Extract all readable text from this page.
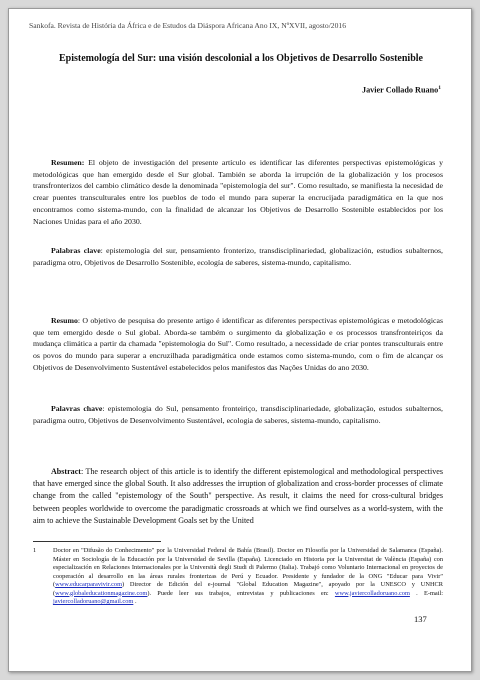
Sankofa. Revista de História da África e de Estudos da Diáspora Africana Ano IX, NºXVII, agosto/2016
Epistemología del Sur: una visión descolonial a los Objetivos de Desarrollo Sostenible
Javier Collado Ruano$^1$

Resumen: El objeto de investigación del presente artículo es identificar las diferentes perspectivas epistemológicas y metodológicas que han emergido desde el Sur global. También se aborda la irrupción de la globalización y los procesos transfronterizos del cambio climático desde la denominada "epistemología del sur". Como resultado, se manifiesta la necesidad de crear puentes transculturales entre los pueblos de todo el mundo para superar la encrucijada paradigmática en la que nos encontramos como sistema-mundo, con la finalidad de alcanzar los Objetivos de Desarrollo Sostenible establecidos por los Naciones Unidas para el año 2030.

Palabras clave: epistemología del sur, pensamiento fronterizo, transdisciplinariedad, globalización, estudios subalternos, paradigma otro, Objetivos de Desarrollo Sostenible, ecología de saberes, sistema-mundo, capitalismo.

Resumo: O objetivo de pesquisa do presente artigo é identificar as diferentes perspectivas epistemológicas e metodológicas que tem emergido desde o Sul global. Aborda-se também o surgimento da globalização e os processos transfronteiriços da mudança climática a partir da chamada "epistemologia do Sul". Como resultado, a necessidade de criar pontes transculturais entre os povos do mundo para superar a encruzilhada paradigmática onde estamos como sistema-mundo, com o fim de alcançar os Objetivos de Desenvolvimento Sustentável estabelecidos pelos manifestos das Nações Unidas do ano 2030.

Palavras chave: epistemologia do Sul, pensamento fronteiriço, transdisciplinariedade, globalização, estudos subalternos, paradigma outro, Objetivos de Desenvolvimento Sustentável, ecologia de saberes, sistema-mundo, capitalismo.

Abstract: The research object of this article is to identify the different epistemological and methodological perspectives that have emerged since the global South. It also addresses the irruption of globalization and cross-border processes of climate change from the called "epistemology of the South" perspective. As result, it claims the need for cross-cultural bridges between peoples worldwide to overcome the paradigmatic crossroads at which we find ourselves as a world-system, with the aim to achieve the Sustainable Development Goals set by the United

1	Doctor en "Difusão do Conhecimento" por la Universidad Federal de Bahía (Brasil). Doctor en Filosofía por la Universidad de Salamanca (España). Máster en Sociología de la Educación por la Universidad de Sevilla (España). Licenciado en Historia por la Universitat de València (España) con especialización en Relaciones Internacionales por la Università degli Studi di Palermo (Italia). Trabajó como Voluntario Internacional en proyectos de cooperación al desarrollo en las áreas rurales fronterizas de Perú y Ecuador. Presidente y fundador de la ONG "Educar para Vivir" (www.educarparavivir.com) Director de Edición del e-journal "Global Education Magazine", apoyado por la UNESCO y UNHCR (www.globaleducationmagazine.com). Puede leer sus trabajos, entrevistas y publicaciones en: www.javiercolladoruano.com . E-mail: javiercolladoruano@gmail.com .
137
